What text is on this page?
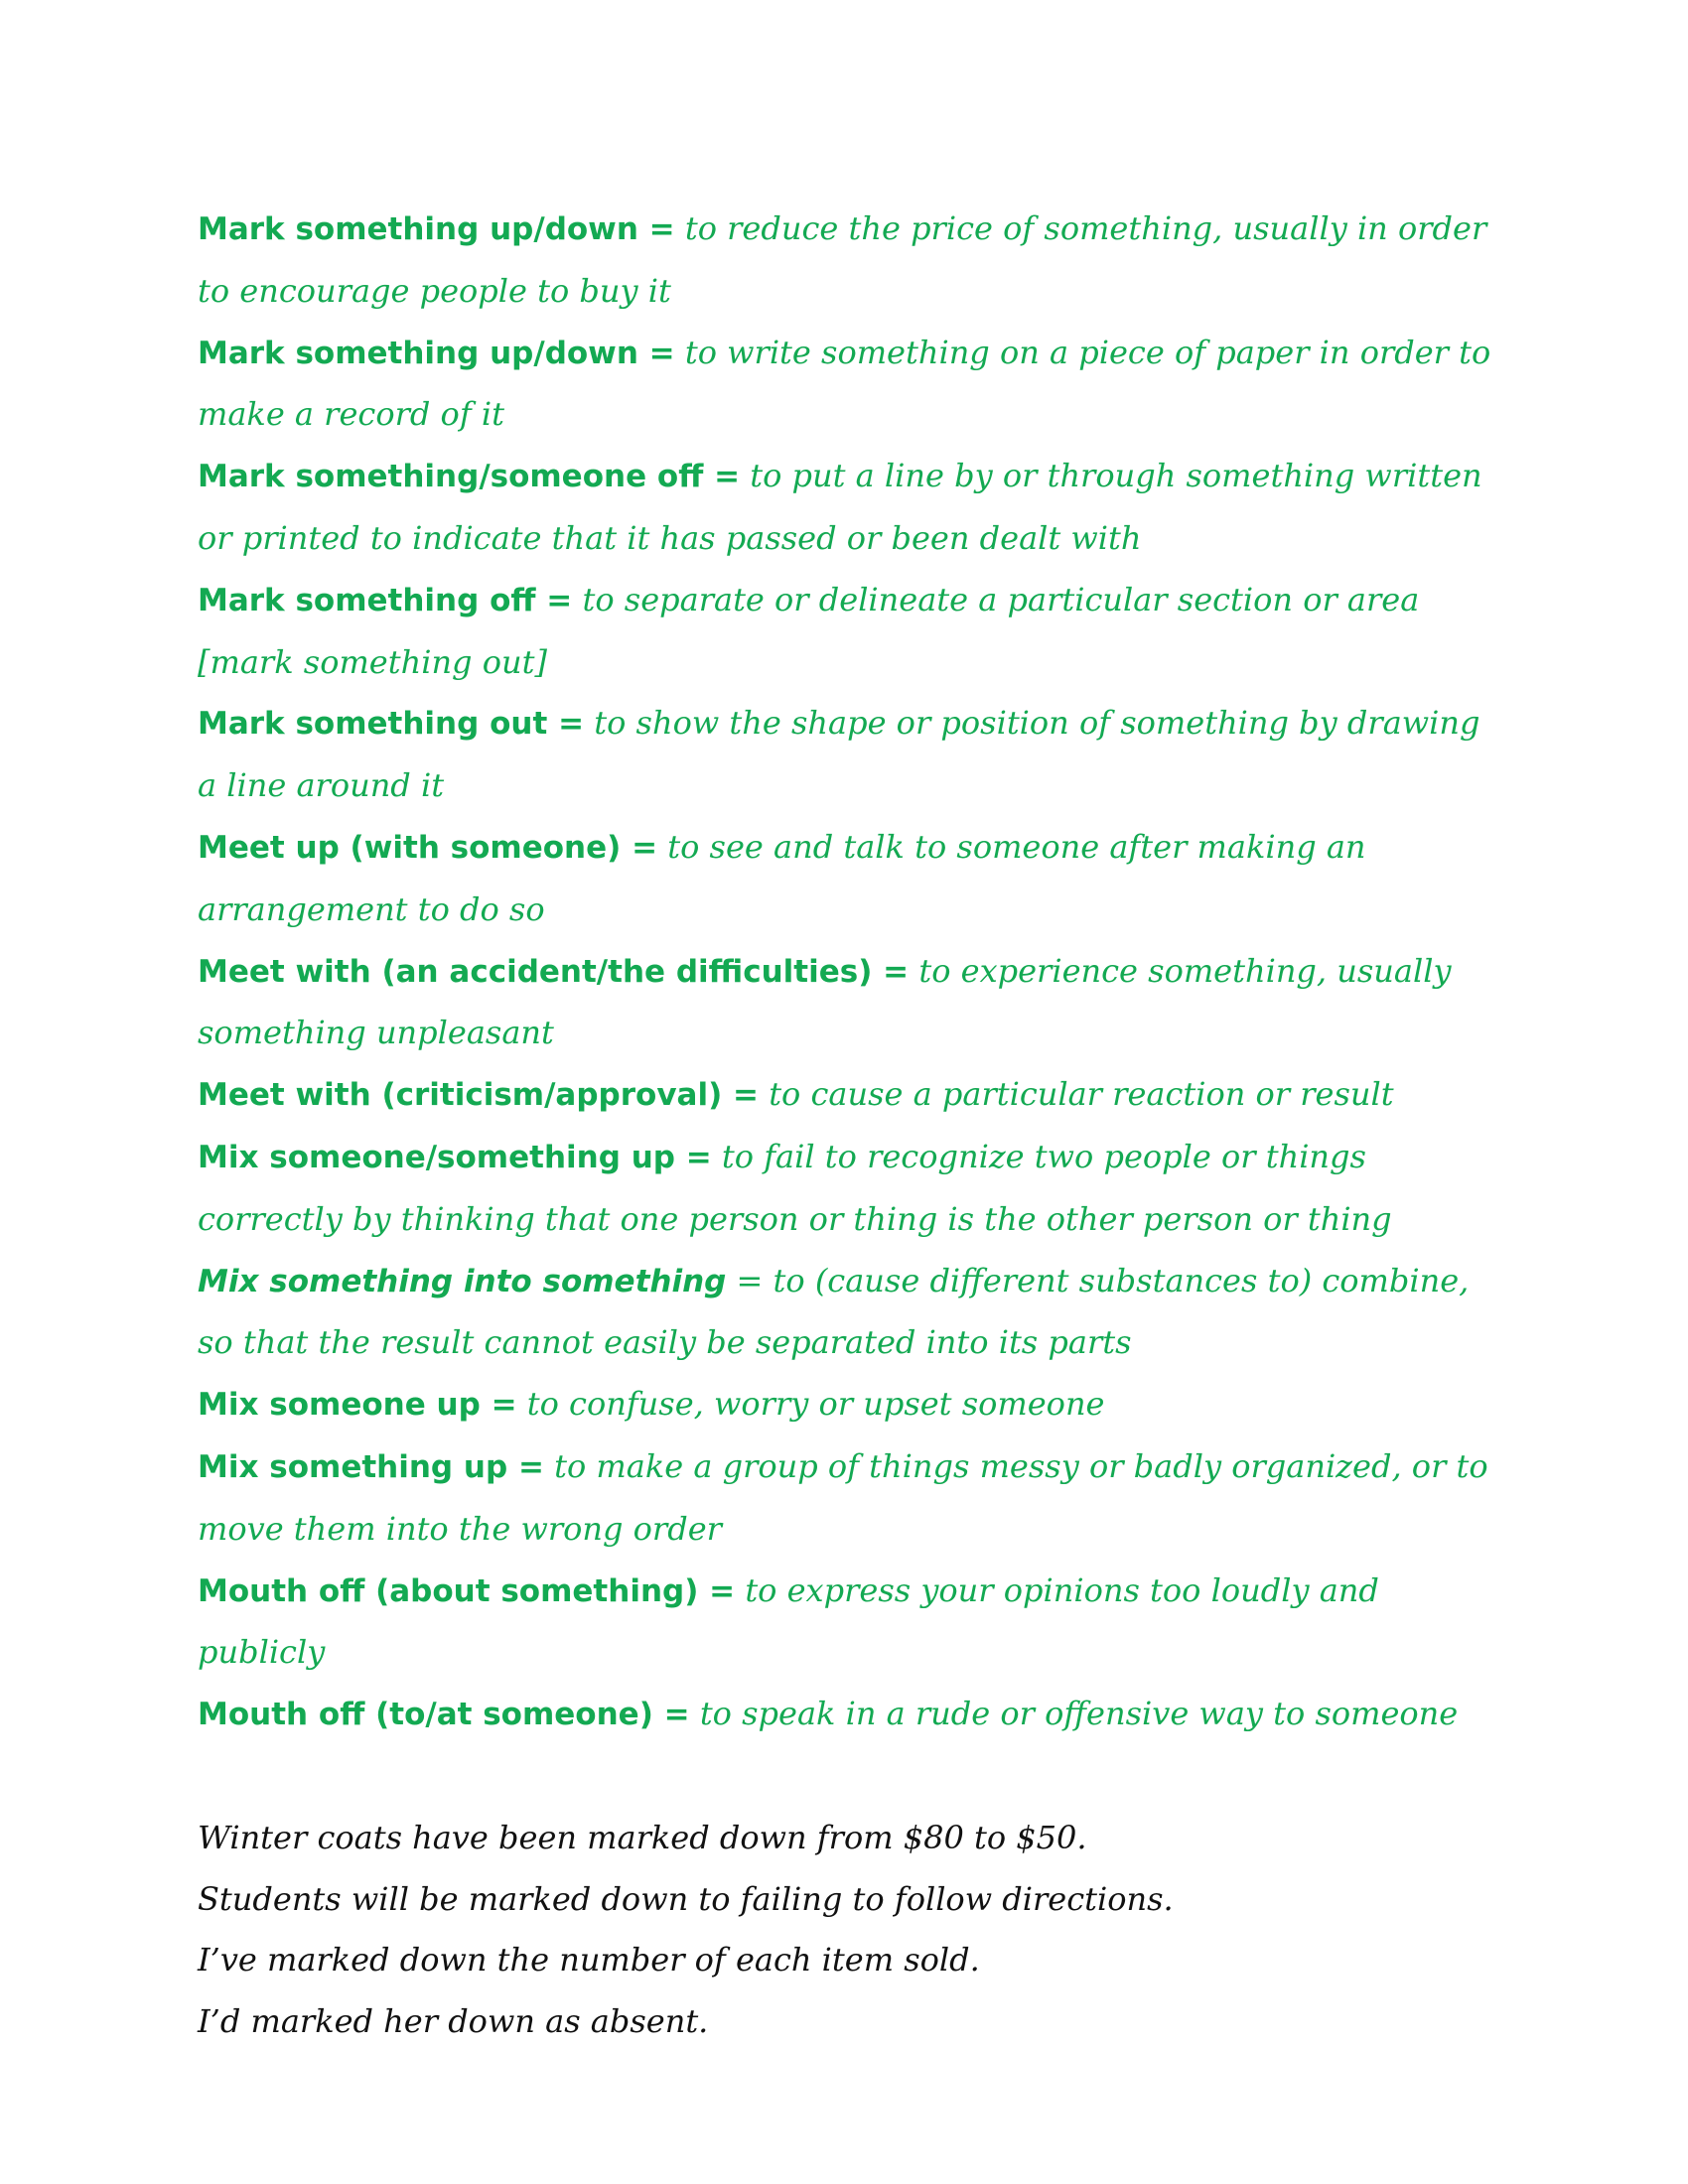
Mark something up/down = to reduce the price of something, usually in order to encourage people to buy it

Mark something up/down = to write something on a piece of paper in order to make a record of it

Mark something/someone off = to put a line by or through something written or printed to indicate that it has passed or been dealt with

Mark something off = to separate or delineate a particular section or area [mark something out]

Mark something out = to show the shape or position of something by drawing a line around it

Meet up (with someone) = to see and talk to someone after making an arrangement to do so

Meet with (an accident/the difficulties) = to experience something, usually something unpleasant

Meet with (criticism/approval) = to cause a particular reaction or result

Mix someone/something up = to fail to recognize two people or things correctly by thinking that one person or thing is the other person or thing

Mix something into something = to (cause different substances to) combine, so that the result cannot easily be separated into its parts

Mix someone up = to confuse, worry or upset someone

Mix something up = to make a group of things messy or badly organized, or to move them into the wrong order

Mouth off (about something) = to express your opinions too loudly and publicly

Mouth off (to/at someone) = to speak in a rude or offensive way to someone

Winter coats have been marked down from $80 to $50.

Students will be marked down to failing to follow directions.

I’ve marked down the number of each item sold.

I’d marked her down as absent.
